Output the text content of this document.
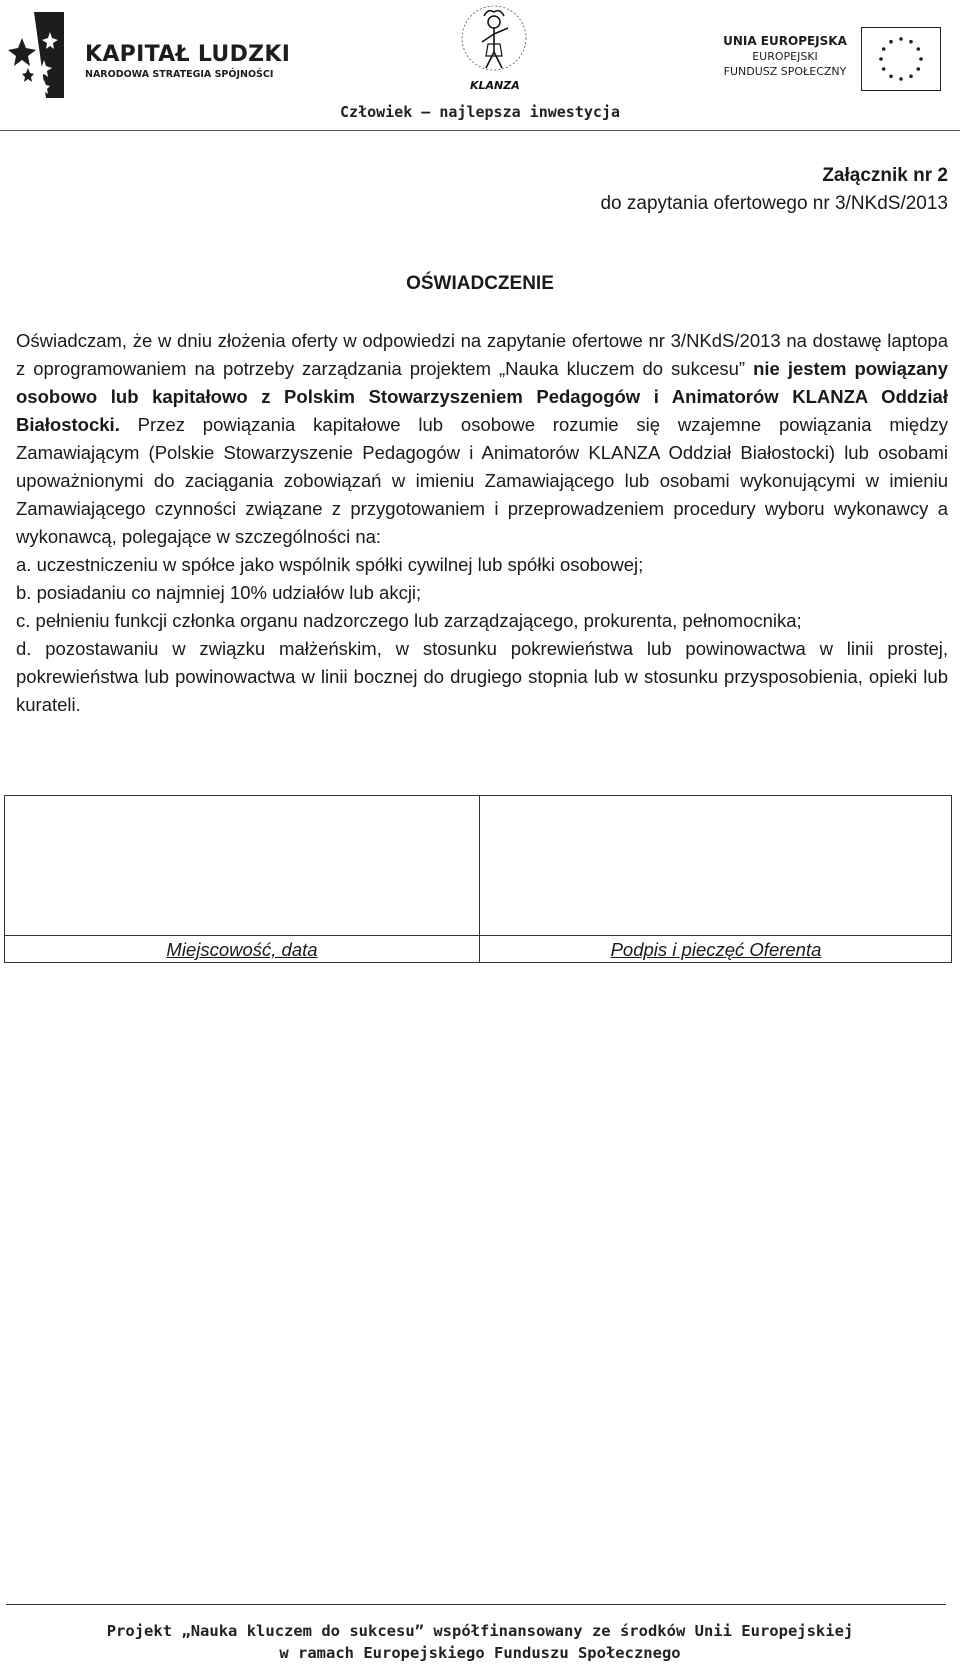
KAPITAŁ LUDZKI
NARODOWA STRATEGIA SPÓJNOŚCI
KLANZA
UNIA EUROPEJSKA
EUROPEJSKI
FUNDUSZ SPOŁECZNY
Człowiek – najlepsza inwestycja
Załącznik nr 2
do zapytania ofertowego nr 3/NKdS/2013
OŚWIADCZENIE

Oświadczam, że w dniu złożenia oferty w odpowiedzi na zapytanie ofertowe nr 3/NKdS/2013 na dostawę laptopa z oprogramowaniem na potrzeby zarządzania projektem „Nauka kluczem do sukcesu” nie jestem powiązany osobowo lub kapitałowo z Polskim Stowarzyszeniem Pedagogów i Animatorów KLANZA Oddział Białostocki. Przez powiązania kapitałowe lub osobowe rozumie się wzajemne powiązania między Zamawiającym (Polskie Stowarzyszenie Pedagogów i Animatorów KLANZA Oddział Białostocki) lub osobami upoważnionymi do zaciągania zobowiązań w imieniu Zamawiającego lub osobami wykonującymi w imieniu Zamawiającego czynności związane z przygotowaniem i przeprowadzeniem procedury wyboru wykonawcy a wykonawcą, polegające w szczególności na:

a. uczestniczeniu w spółce jako wspólnik spółki cywilnej lub spółki osobowej;

b. posiadaniu co najmniej 10% udziałów lub akcji;

c. pełnieniu funkcji członka organu nadzorczego lub zarządzającego, prokurenta, pełnomocnika;

d. pozostawaniu w związku małżeńskim, w stosunku pokrewieństwa lub powinowactwa w linii prostej, pokrewieństwa lub powinowactwa w linii bocznej do drugiego stopnia lub w stosunku przysposobienia, opieki lub kurateli.

Miejscowość, data	Podpis i pieczęć Oferenta
Projekt „Nauka kluczem do sukcesu” współfinansowany ze środków Unii Europejskiej
w ramach Europejskiego Funduszu Społecznego
